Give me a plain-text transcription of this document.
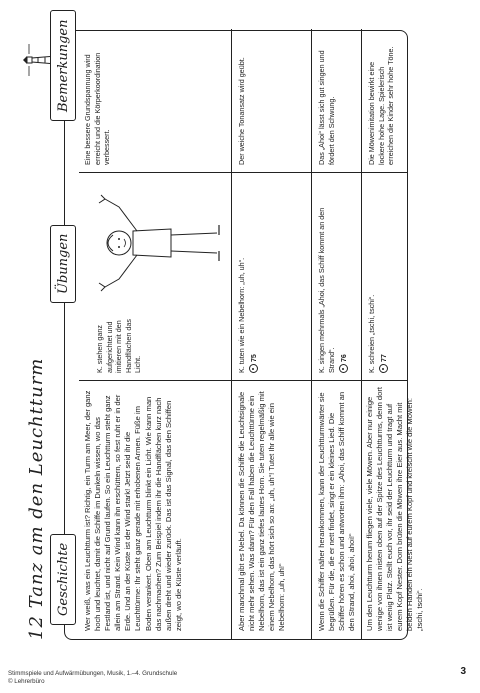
12 Tanz am den Leuchtturm Geschichte
Übungen
Bemerkungen
Wer weiß, was ein Leuchtturm ist? Richtig, ein Turm am Meer, der ganz hoch und leuchtet, damit die Schiffe im Dunkeln wissen, wo das Festland ist, und nicht auf Grund laufen. So ein Leuchtturm steht ganz allein am Strand. Kein Wind kann ihn erschüttern, so fest ruht er in der Erde. Und an der Küste ist der Wind stark! Jetzt seid ihr die Leuchttürme: Ihr steht ganz gerade mit erhobenen Armen. Füße im Boden verankert. Oben am Leuchtturm blinkt ein Licht. Wie kann man das nachmachen? Zum Beispiel indem ihr die Handflächen kurz nach außen dreht und wieder zurück. Das ist das Signal, das den Schiffen zeigt, wo die Küste verläuft.
K. stehen ganz aufgerichtet und imitieren mit den Handflächen das Licht.
Eine bessere Grundspannung wird erreicht und die Körperkoordination verbessert.
Aber manchmal gibt es Nebel. Da können die Schiffe die Leuchtsignale nicht mehr sehen. Was dann? Für den Fall haben die Leuchttürme ein Nebelhorn, das ist ein ganz tiefes lautes Horn. Sie tuten regelmäßig mit einem Nebelhorn, das hört sich so an: „uh, uh“! Tutet Ihr alle wie ein Nebelhorn: „uh, uh!“
K. tuten wie ein Nebelhorn: „uh, uh“. 75
Der weiche Tonansatz wird geübt.
Wenn die Schiffer näher herankommen, kann der Leuchtturmwärter sie begrüßen. Für die, die er nett findet, singt er ein kleines Lied. Die Schiffer hören es schon und antworten ihm: „Ahoi, das Schiff kommt an den Strand, ahoi, ahoi, ahoi!“
K. singen mehrmals „Ahoi, das Schiff kommt an den Strand“. 76
Das „Ahoi“ lässt sich gut singen und fördert den Schwung.
Um den Leuchtturm herum fliegen viele, viele Möwen. Aber nur einige wenige von ihnen nisten oben auf der Spitze des Leuchtturms, denn dort ist wenig Platz. Stellt euch vor, ihr seid der Leuchtturm und tragt auf eurem Kopf Nester. Dorn brüten die Möwen ihre Eier aus. Macht mit beiden Händen ein Nest auf eurem Kopf und kreischt wie die Möwen: „tschi, tschi“.
K. schreien „tschi, tschi“. 77
Die Möwenimitation bewirkt eine lockere hohe Lage. Spielerisch erreichen die Kinder sehr hohe Töne.
Stimmspiele und Aufwärmübungen, Musik, 1.–4. Grundschule
© Lehrerbüro
3
